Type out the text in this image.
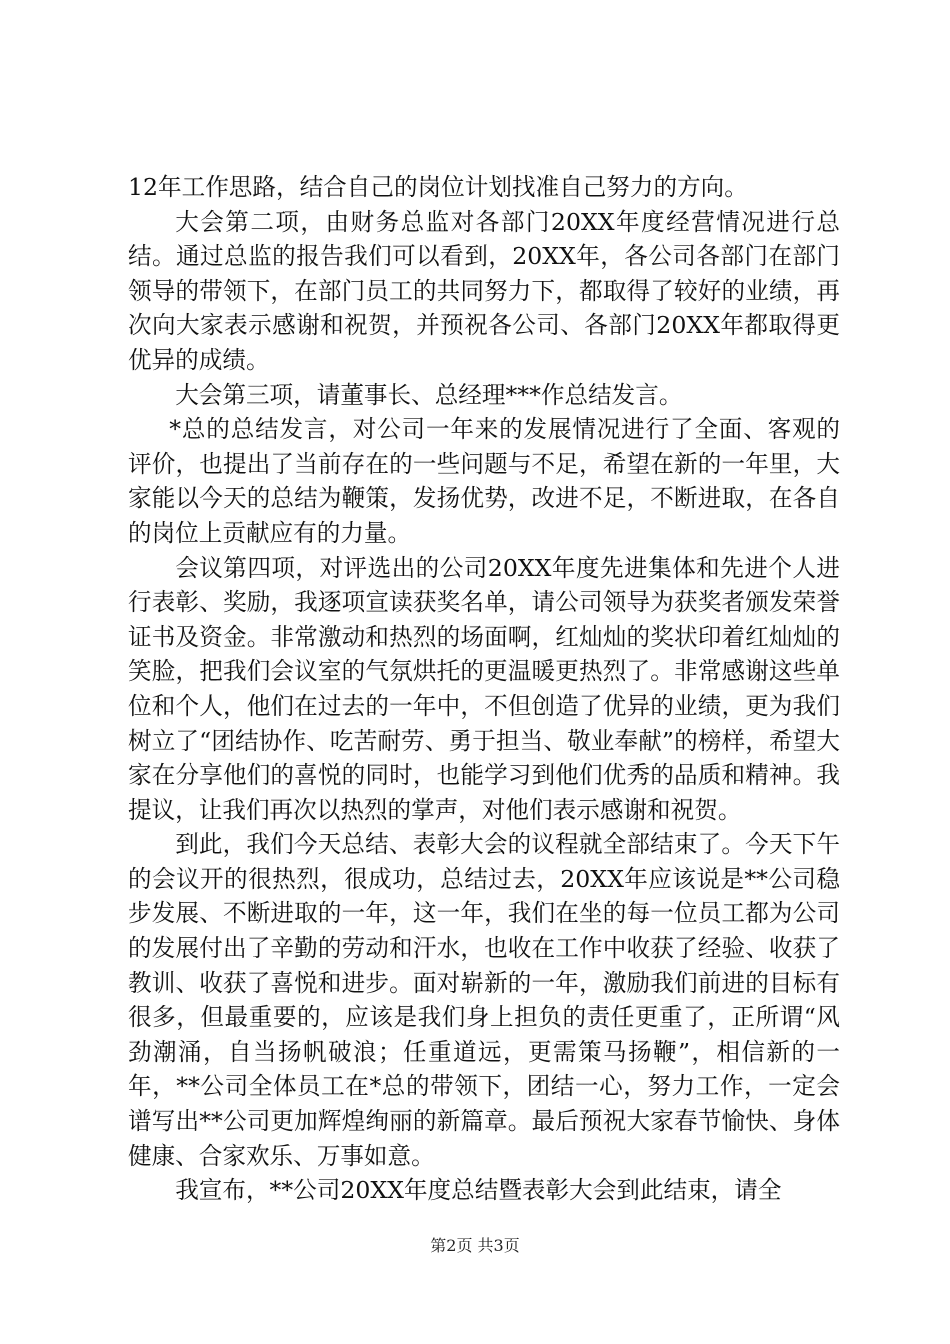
12年工作思路，结合自己的岗位计划找准自己努力的方向。

大会第二项，由财务总监对各部门20XX年度经营情况进行总结。通过总监的报告我们可以看到，20XX年，各公司各部门在部门领导的带领下，在部门员工的共同努力下，都取得了较好的业绩，再次向大家表示感谢和祝贺，并预祝各公司、各部门20XX年都取得更优异的成绩。

大会第三项，请董事长、总经理***作总结发言。

*总的总结发言，对公司一年来的发展情况进行了全面、客观的评价，也提出了当前存在的一些问题与不足，希望在新的一年里，大家能以今天的总结为鞭策，发扬优势，改进不足，不断进取，在各自的岗位上贡献应有的力量。

会议第四项，对评选出的公司20XX年度先进集体和先进个人进行表彰、奖励，我逐项宣读获奖名单，请公司领导为获奖者颁发荣誉证书及资金。非常激动和热烈的场面啊，红灿灿的奖状印着红灿灿的笑脸，把我们会议室的气氛烘托的更温暖更热烈了。非常感谢这些单位和个人，他们在过去的一年中，不但创造了优异的业绩，更为我们树立了“团结协作、吃苦耐劳、勇于担当、敬业奉献”的榜样，希望大家在分享他们的喜悦的同时，也能学习到他们优秀的品质和精神。我提议，让我们再次以热烈的掌声，对他们表示感谢和祝贺。

到此，我们今天总结、表彰大会的议程就全部结束了。今天下午的会议开的很热烈，很成功，总结过去，20XX年应该说是**公司稳步发展、不断进取的一年，这一年，我们在坐的每一位员工都为公司的发展付出了辛勤的劳动和汗水，也收在工作中收获了经验、收获了教训、收获了喜悦和进步。面对崭新的一年，激励我们前进的目标有很多，但最重要的，应该是我们身上担负的责任更重了，正所谓“风劲潮涌，自当扬帆破浪；任重道远，更需策马扬鞭”，相信新的一年，**公司全体员工在*总的带领下，团结一心，努力工作，一定会谱写出**公司更加辉煌绚丽的新篇章。最后预祝大家春节愉快、身体健康、合家欢乐、万事如意。

我宣布，**公司20XX年度总结暨表彰大会到此结束，请全

第2页 共3页
